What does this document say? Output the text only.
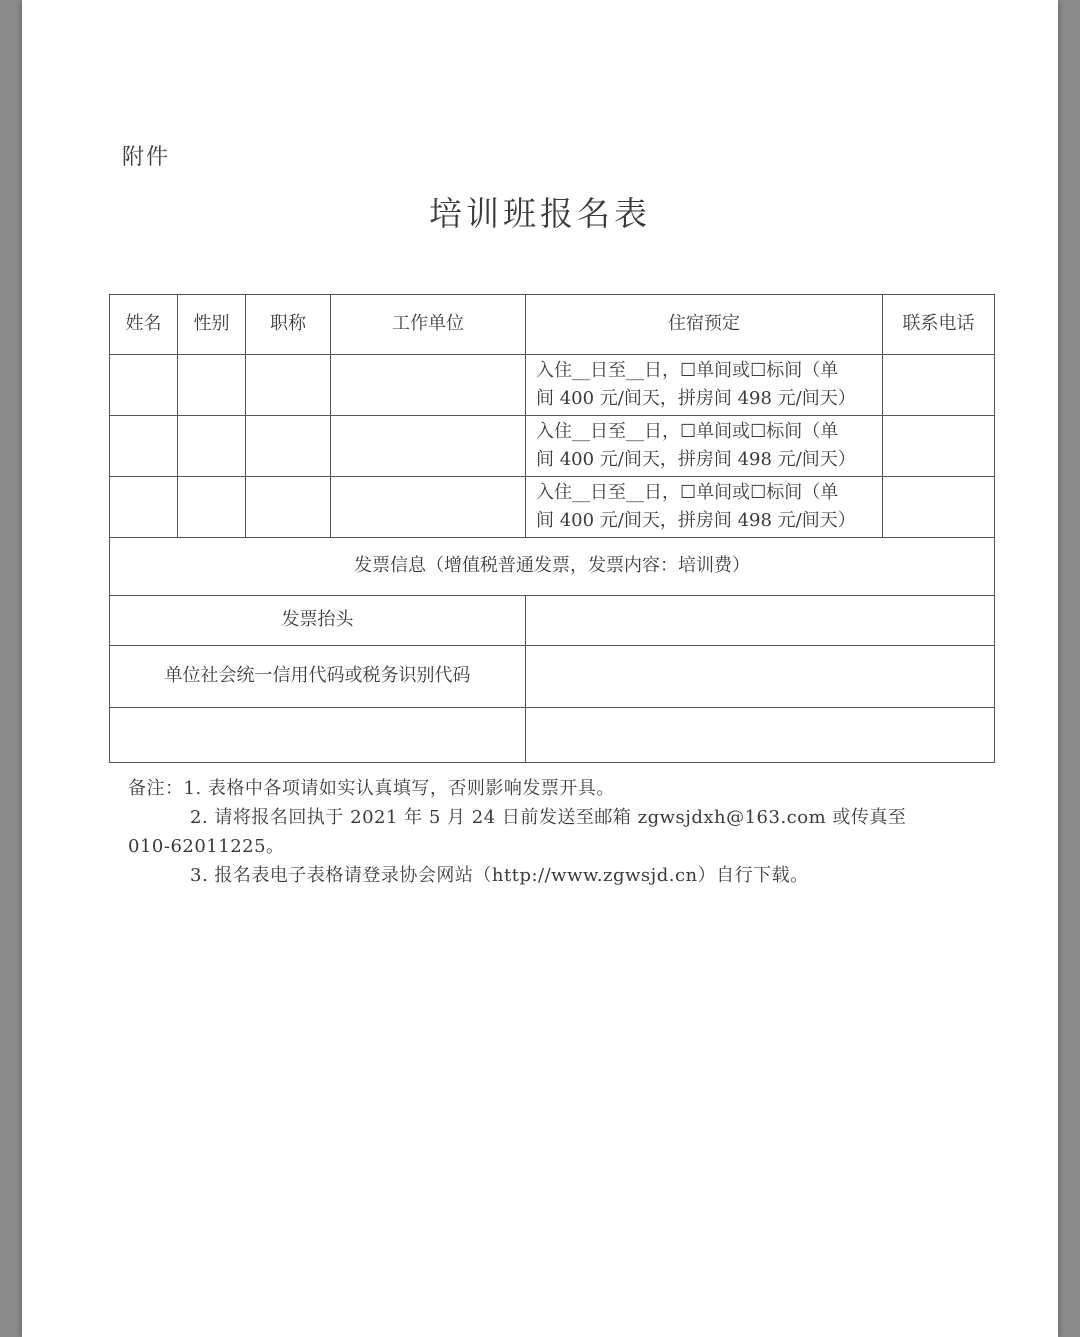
附件
培训班报名表
姓名	性别	职称	工作单位	住宿预定	联系电话

				入住__日至__日，☐单间或☐标间（单
间 400 元/间天，拼房间 498 元/间天）	

				入住__日至__日，☐单间或☐标间（单
间 400 元/间天，拼房间 498 元/间天）	

				入住__日至__日，☐单间或☐标间（单
间 400 元/间天，拼房间 498 元/间天）	

发票信息（增值税普通发票，发票内容：培训费）					
发票抬头					
单位社会统一信用代码或税务识别代码					

备注：1. 表格中各项请如实认真填写，否则影响发票开具。

2. 请将报名回执于 2021 年 5 月 24 日前发送至邮箱 zgwsjdxh@163.com 或传真至

010-62011225。

3. 报名表电子表格请登录协会网站（http://www.zgwsjd.cn）自行下载。
